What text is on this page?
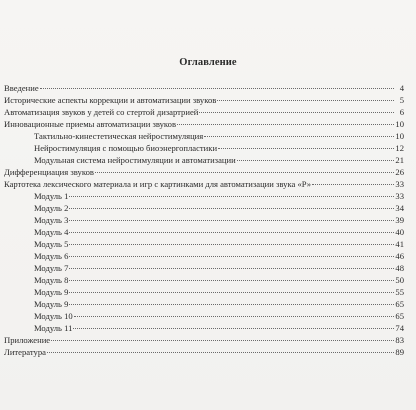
Оглавление
Введение	4
Исторические аспекты коррекции и автоматизации звуков	5
Автоматизация звуков у детей со стертой дизартрией	6
Инновационные приемы автоматизации звуков	10
Тактильно-кинестетическая нейростимуляция	10
Нейростимуляция с помощью биоэнергопластики	12
Модульная система нейростимуляции и автоматизации	21
Дифференциация звуков	26
Картотека лексического материала и игр с картинками для автоматизации звука «Р»	33
Модуль 1	33
Модуль 2	34
Модуль 3	39
Модуль 4	40
Модуль 5	41
Модуль 6	46
Модуль 7	48
Модуль 8	50
Модуль 9	55
Модуль 9	65
Модуль 10	65
Модуль 11	74
Приложение	83
Литература	89
